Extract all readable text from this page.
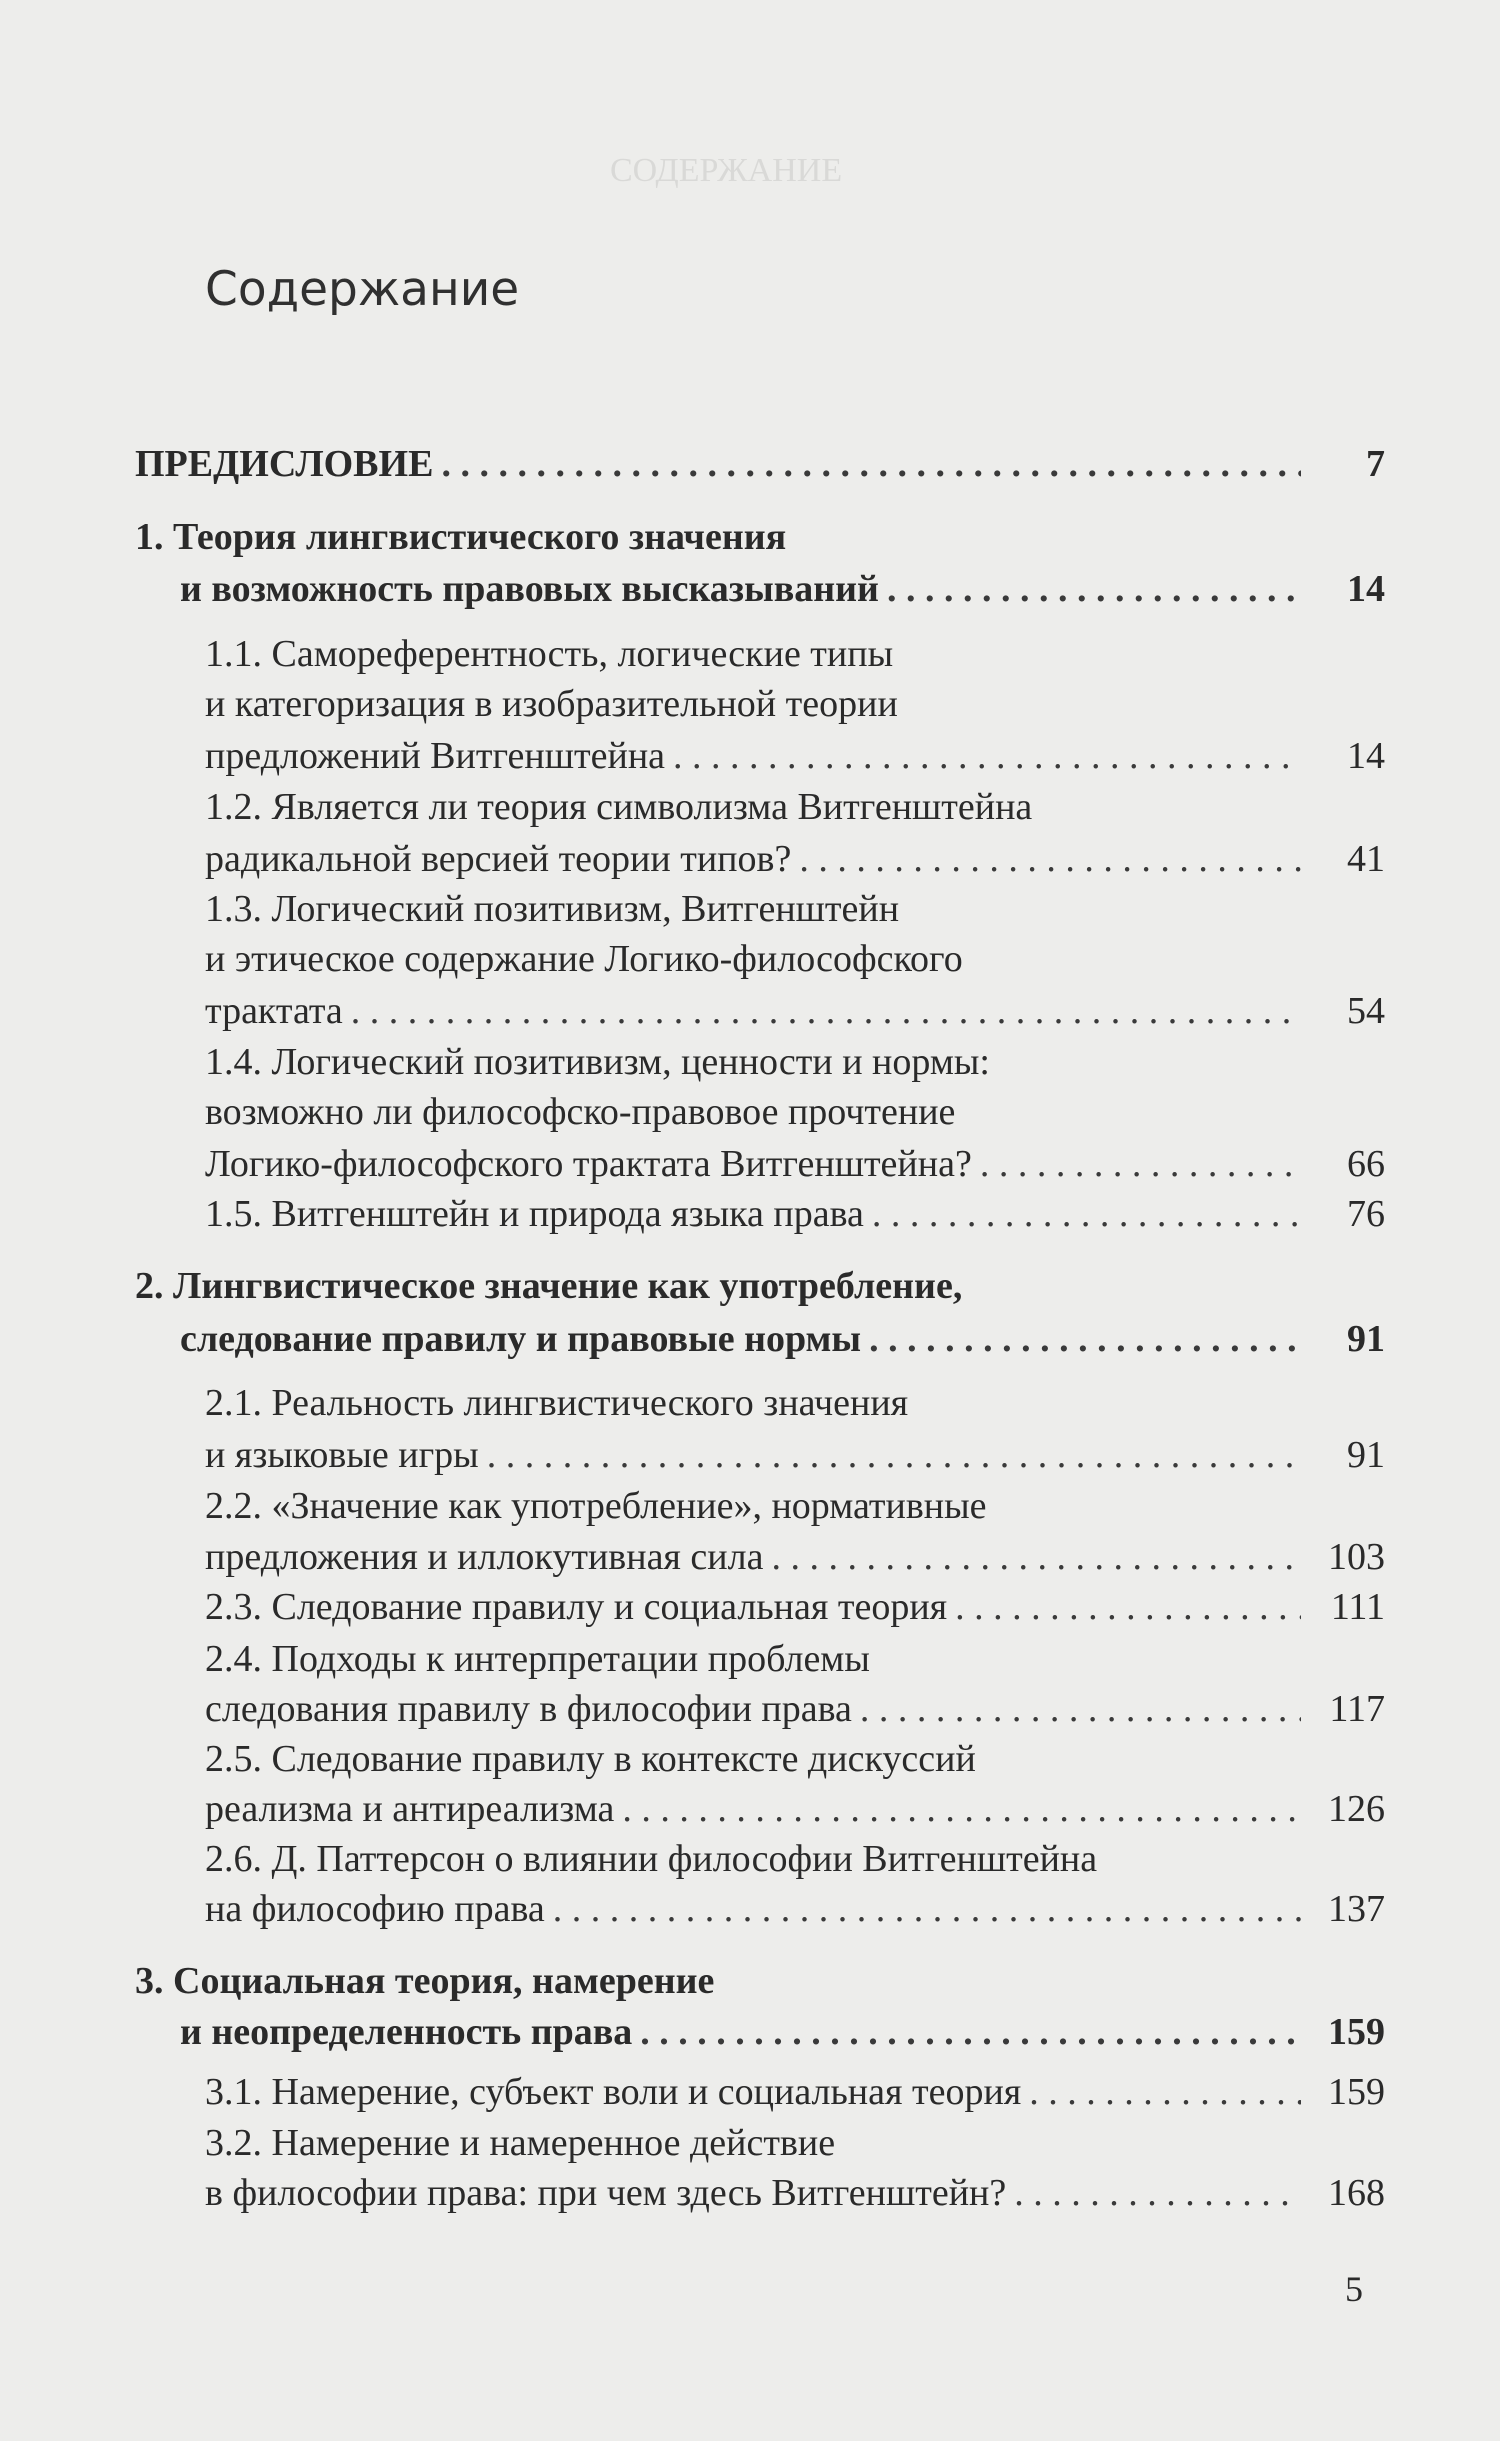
СОДЕРЖАНИЕ
Содержание
ПРЕДИСЛОВИЕ . . .	7
1. Теория лингвистического значения
и возможность правовых высказываний . . .	14
1.1. Самореферентность, логические типы
и категоризация в изобразительной теории
предложений Витгенштейна . . .	14
1.2. Является ли теория символизма Витгенштейна
радикальной версией теории типов? . . .	41
1.3. Логический позитивизм, Витгенштейн
и этическое содержание Логико-философского
трактата . . .	54
1.4. Логический позитивизм, ценности и нормы:
возможно ли философско-правовое прочтение
Логико-философского трактата Витгенштейна? . . .	66
1.5. Витгенштейн и природа языка права . . .	76
2. Лингвистическое значение как употребление,
следование правилу и правовые нормы . . .	91
2.1. Реальность лингвистического значения
и языковые игры . . .	91
2.2. «Значение как употребление», нормативные
предложения и иллокутивная сила . . .	103
2.3. Следование правилу и социальная теория . . .	111
2.4. Подходы к интерпретации проблемы
следования правилу в философии права . . .	117
2.5. Следование правилу в контексте дискуссий
реализма и антиреализма . . .	126
2.6. Д. Паттерсон о влиянии философии Витгенштейна
на философию права . . .	137
3. Социальная теория, намерение
и неопределенность права . . .	159
3.1. Намерение, субъект воли и социальная теория . . .	159
3.2. Намерение и намеренное действие
в философии права: при чем здесь Витгенштейн? . . .	168
5
